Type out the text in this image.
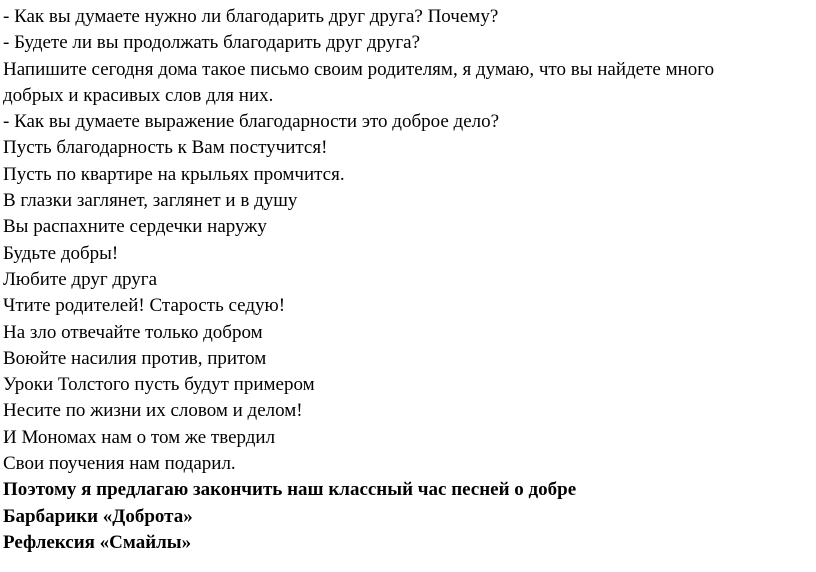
- Как вы думаете нужно ли благодарить друг друга? Почему?

- Будете ли вы продолжать благодарить друг друга?

Напишите сегодня дома такое письмо своим родителям, я думаю, что вы найдете много

добрых и красивых слов для них.

- Как вы думаете выражение благодарности это доброе дело?

Пусть благодарность к Вам постучится!

Пусть по квартире на крыльях промчится.

В глазки заглянет, заглянет и в душу

Вы распахните сердечки наружу

Будьте добры!

Любите друг друга

Чтите родителей! Старость седую!

На зло отвечайте только добром

Воюйте насилия против, притом

Уроки Толстого пусть будут примером

Несите по жизни их словом и делом!

И Мономах нам о том же твердил

Свои поучения нам подарил.

Поэтому я предлагаю закончить наш классный час песней о добре

Барбарики «Доброта»

Рефлексия «Смайлы»
